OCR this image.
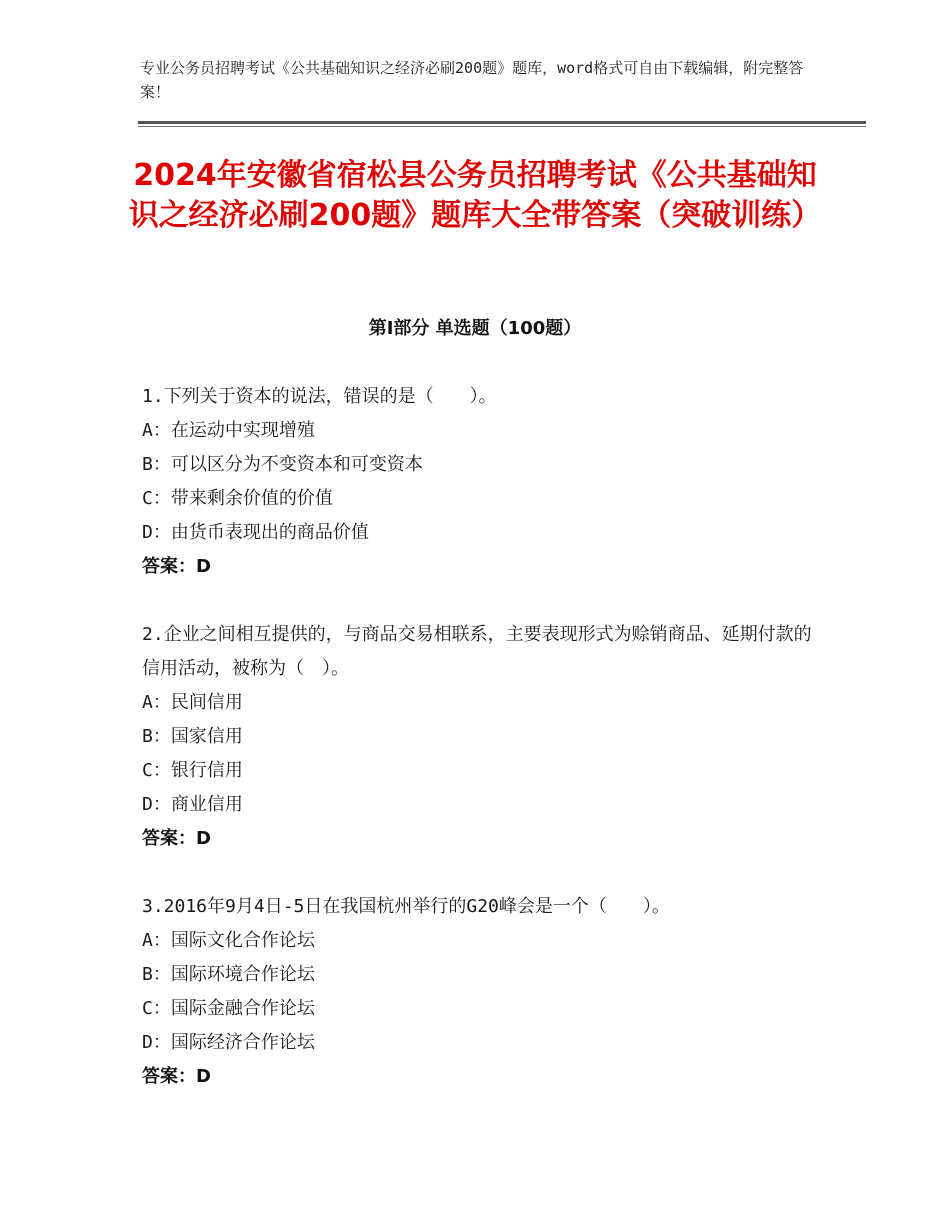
专业公务员招聘考试《公共基础知识之经济必刷200题》题库，word格式可自由下载编辑，附完整答案！
2024年安徽省宿松县公务员招聘考试《公共基础知识之经济必刷200题》题库大全带答案（突破训练）
第Ⅰ部分 单选题（100题）

1.下列关于资本的说法，错误的是（　　）。

A：在运动中实现增殖

B：可以区分为不变资本和可变资本

C：带来剩余价值的价值

D：由货币表现出的商品价值

答案：D

2.企业之间相互提供的，与商品交易相联系，主要表现形式为赊销商品、延期付款的信用活动，被称为（　）。

A：民间信用

B：国家信用

C：银行信用

D：商业信用

答案：D

3.2016年9月4日-5日在我国杭州举行的G20峰会是一个（　　）。

A：国际文化合作论坛

B：国际环境合作论坛

C：国际金融合作论坛

D：国际经济合作论坛

答案：D
